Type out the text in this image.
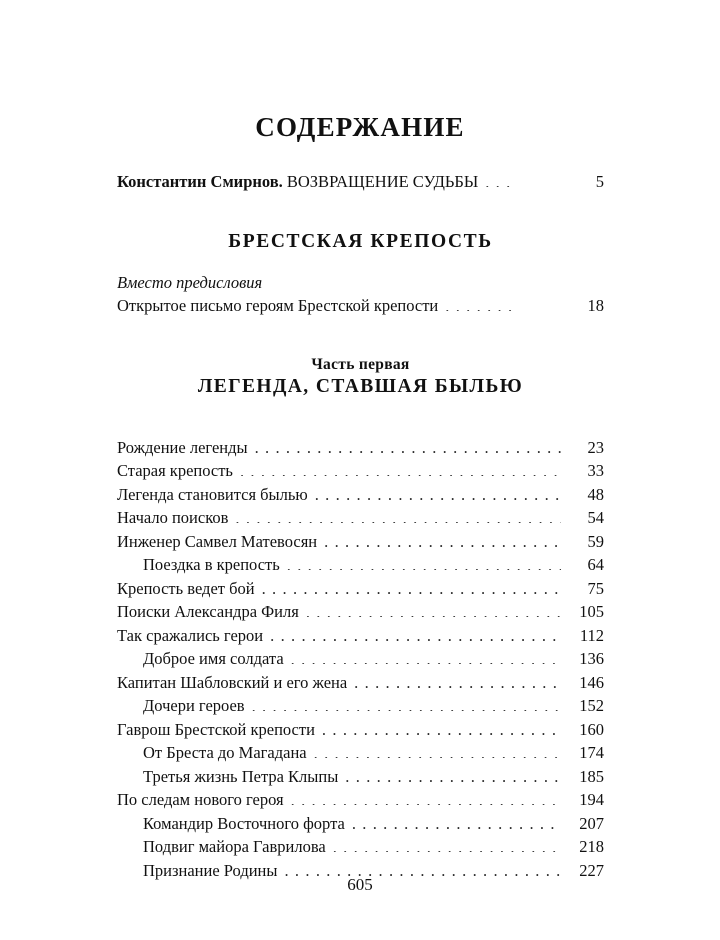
СОДЕРЖАНИЕ
Константин Смирнов. ВОЗВРАЩЕНИЕ СУДЬБЫ . . .	5
БРЕСТСКАЯ КРЕПОСТЬ
Вместо предисловия
Открытое письмо героям Брестской крепости . . .	18
Часть первая
ЛЕГЕНДА, СТАВШАЯ БЫЛЬЮ
Рождение легенды . . .	23
Старая крепость . . .	33
Легенда становится былью . . .	48
Начало поисков . . .	54
Инженер Самвел Матевосян . . .	59
Поездка в крепость . . .	64
Крепость ведет бой . . .	75
Поиски Александра Филя . . .	105
Так сражались герои . . .	112
Доброе имя солдата . . .	136
Капитан Шабловский и его жена . . .	146
Дочери героев . . .	152
Гаврош Брестской крепости . . .	160
От Бреста до Магадана . . .	174
Третья жизнь Петра Клыпы . . .	185
По следам нового героя . . .	194
Командир Восточного форта . . .	207
Подвиг майора Гаврилова . . .	218
Признание Родины . . .	227
605
